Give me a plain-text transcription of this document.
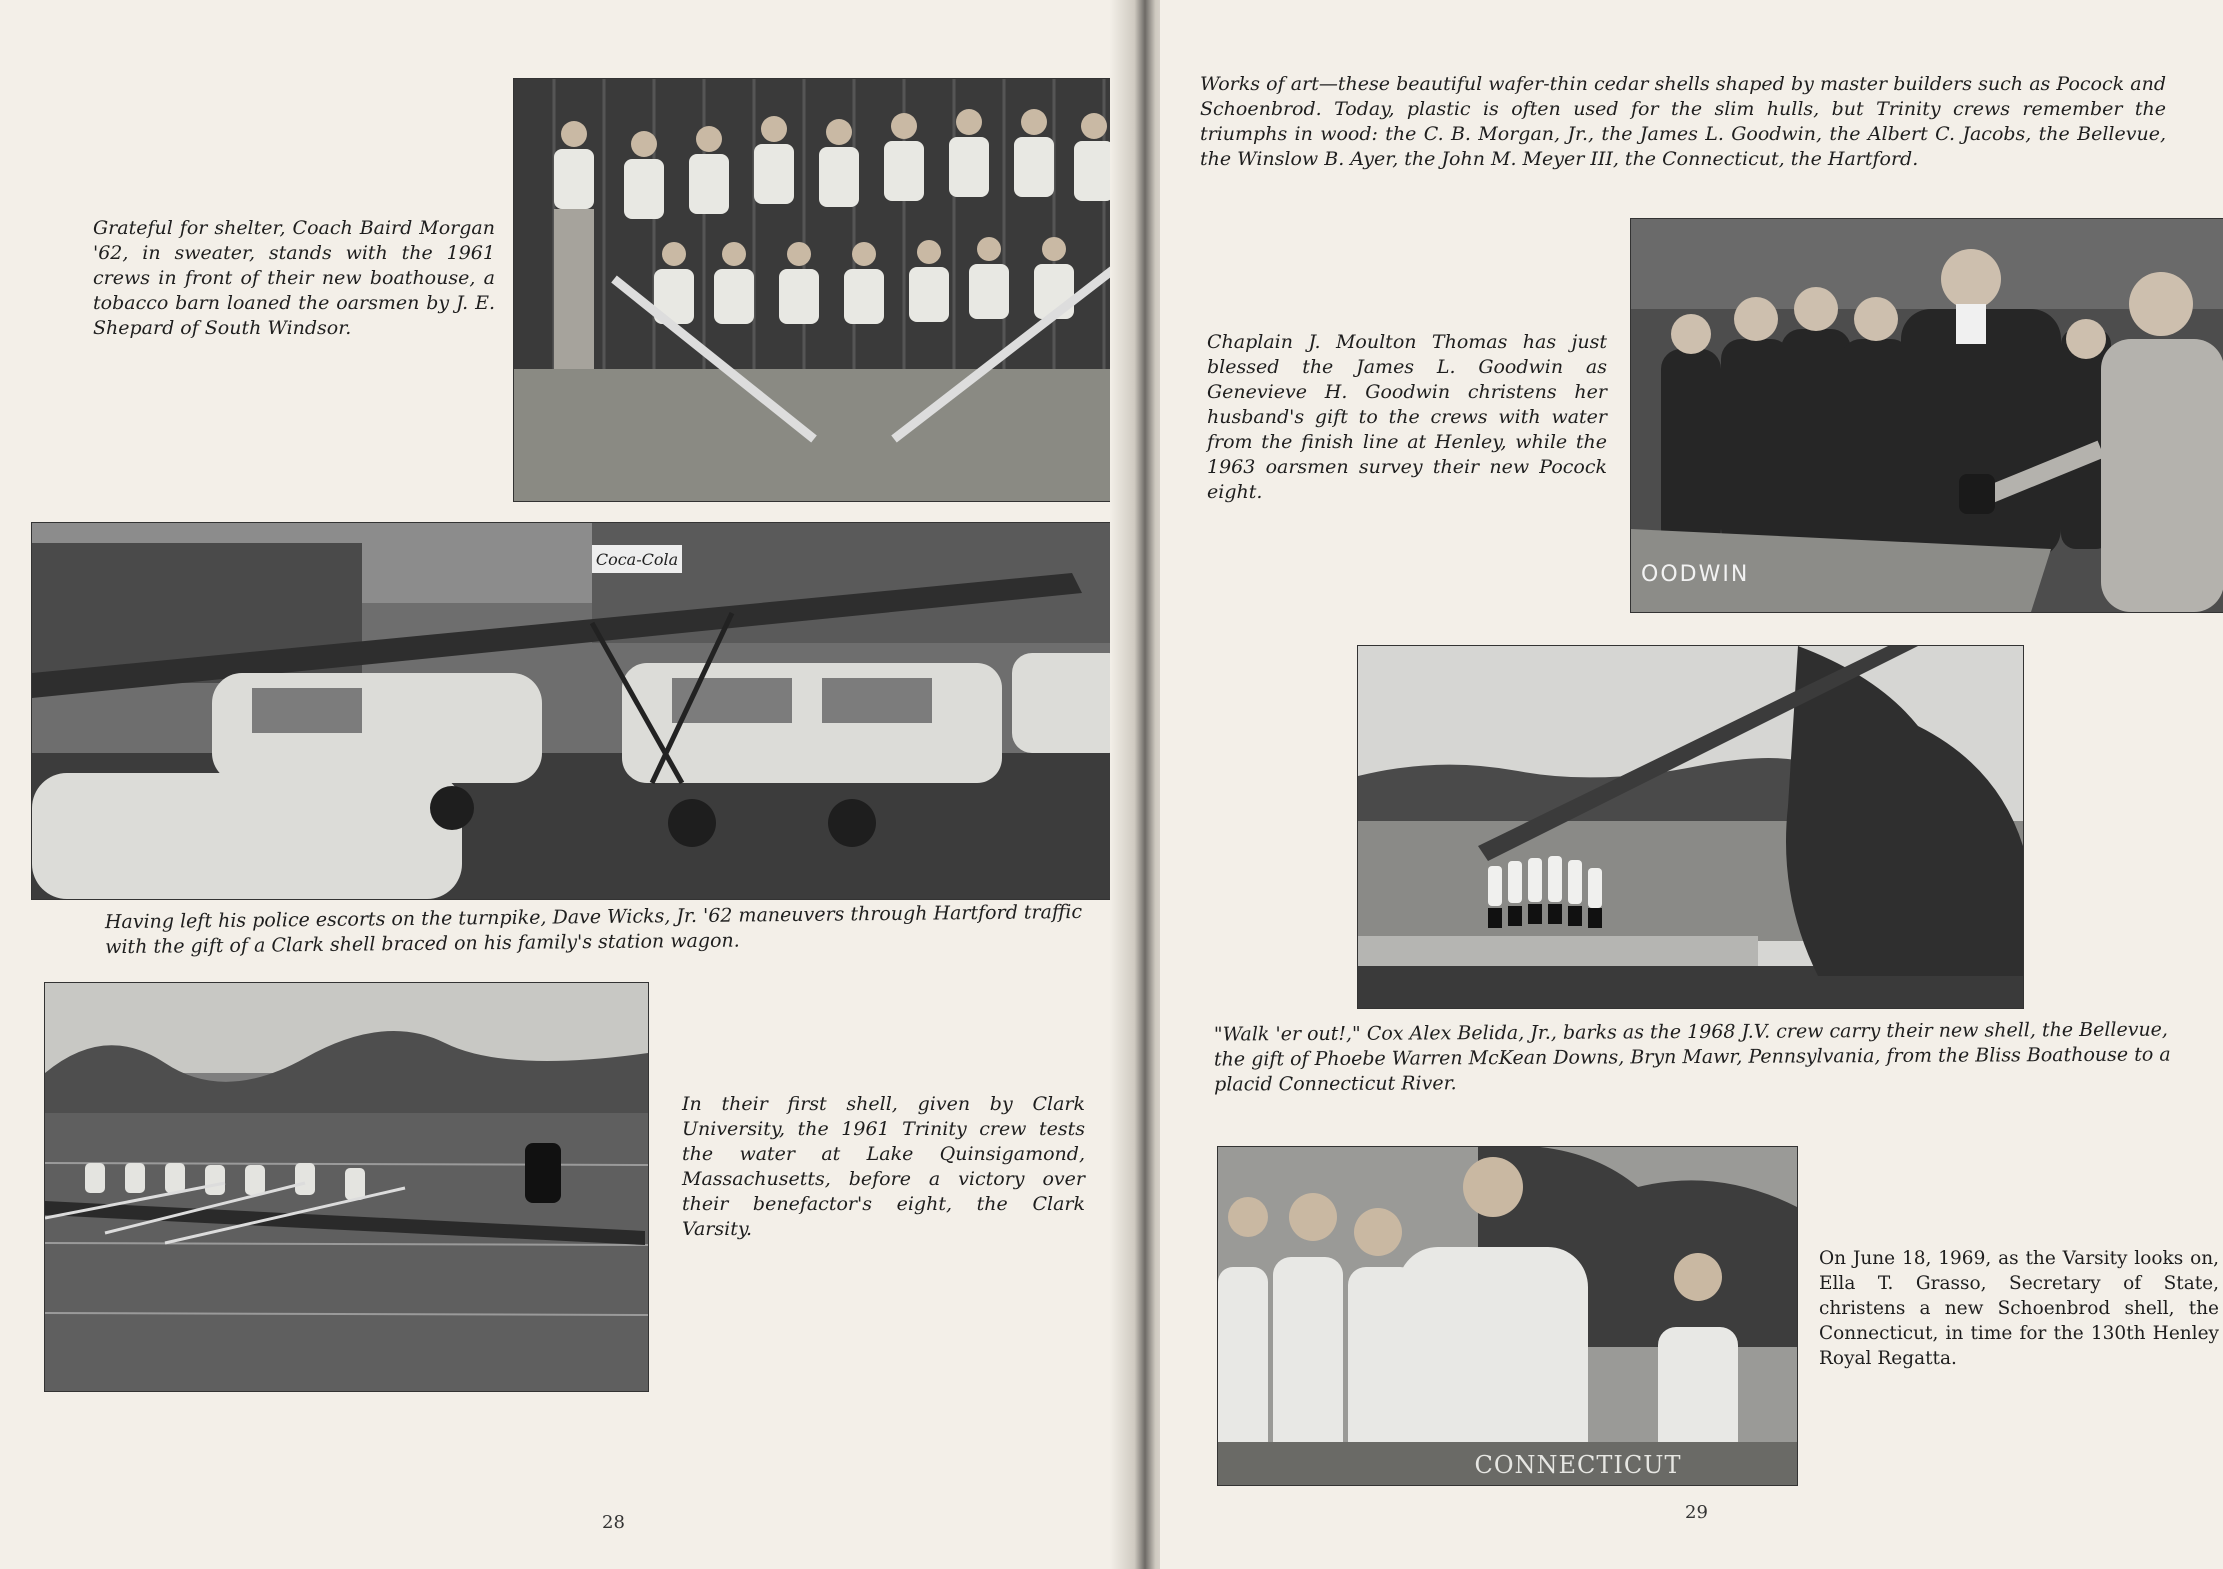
Grateful for shelter, Coach Baird Morgan '62, in sweater, stands with the 1961 crews in front of their new boathouse, a tobacco barn loaned the oarsmen by J. E. Shepard of South Windsor.

Coca-Cola

Having left his police escorts on the turnpike, Dave Wicks, Jr. '62 maneuvers through Hartford traffic with the gift of a Clark shell braced on his family's station wagon.

In their first shell, given by Clark University, the 1961 Trinity crew tests the water at Lake Quinsigamond, Massachusetts, before a victory over their benefactor's eight, the Clark Varsity.

28

Works of art—these beautiful wafer-thin cedar shells shaped by master builders such as Pocock and Schoenbrod. Today, plastic is often used for the slim hulls, but Trinity crews remember the triumphs in wood: the C. B. Morgan, Jr., the James L. Goodwin, the Albert C. Jacobs, the Bellevue, the Winslow B. Ayer, the John M. Meyer III, the Connecticut, the Hartford.

OODWIN

Chaplain J. Moulton Thomas has just blessed the James L. Goodwin as Genevieve H. Goodwin christens her husband's gift to the crews with water from the finish line at Henley, while the 1963 oarsmen survey their new Pocock eight.

"Walk 'er out!," Cox Alex Belida, Jr., barks as the 1968 J.V. crew carry their new shell, the Bellevue, the gift of Phoebe Warren McKean Downs, Bryn Mawr, Pennsylvania, from the Bliss Boathouse to a placid Connecticut River.

CONNECTICUT

On June 18, 1969, as the Varsity looks on, Ella T. Grasso, Secretary of State, christens a new Schoenbrod shell, the Connecticut, in time for the 130th Henley Royal Regatta.

29
